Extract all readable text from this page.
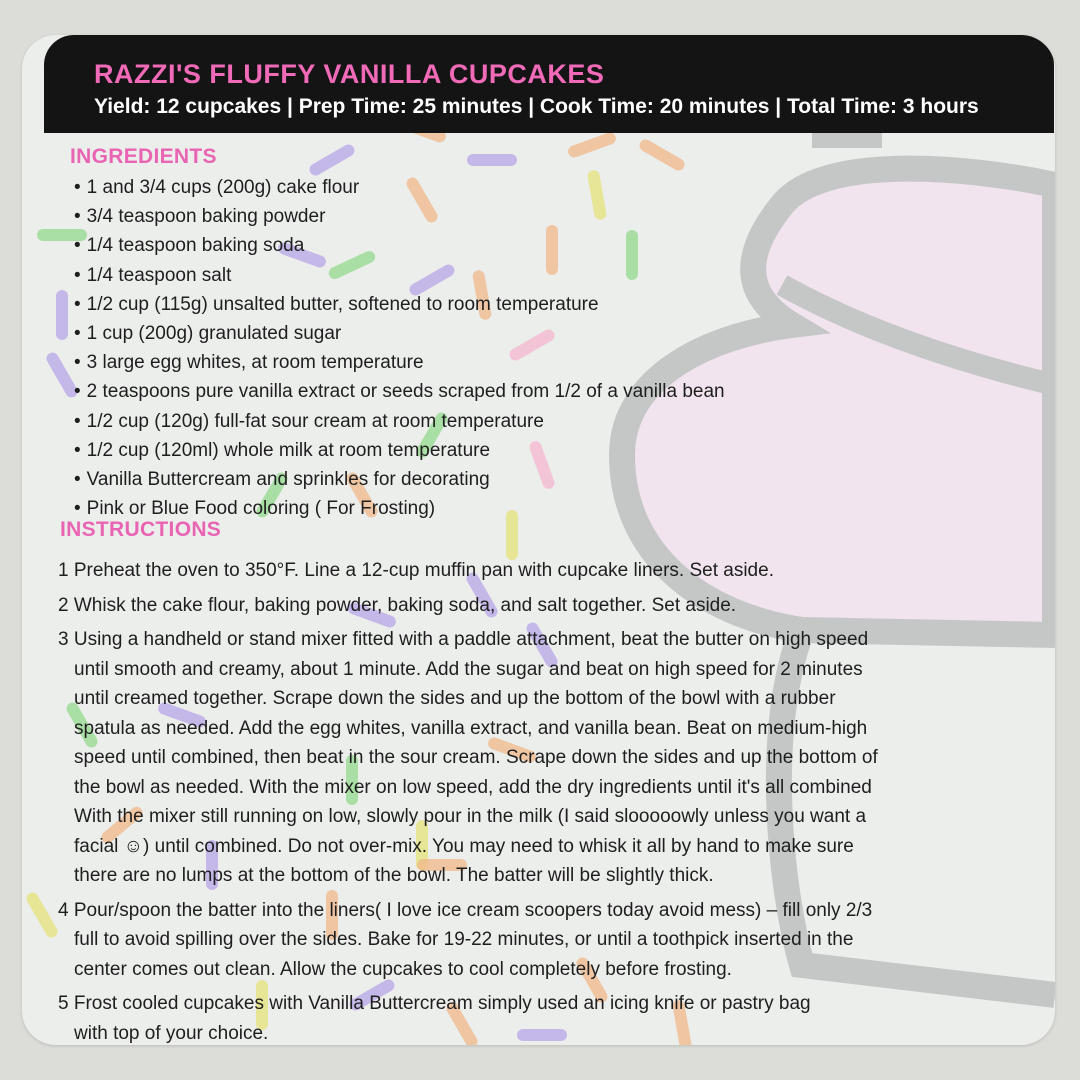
RAZZI'S FLUFFY VANILLA CUPCAKES
Yield: 12 cupcakes | Prep Time: 25 minutes | Cook Time: 20 minutes | Total Time: 3 hours
INGREDIENTS
• 1 and 3/4 cups (200g) cake flour
• 3/4 teaspoon baking powder
• 1/4 teaspoon baking soda
• 1/4 teaspoon salt
• 1/2 cup (115g) unsalted butter, softened to room temperature
• 1 cup (200g) granulated sugar
• 3 large egg whites, at room temperature
• 2 teaspoons pure vanilla extract or seeds scraped from 1/2 of a vanilla bean
• 1/2 cup (120g) full-fat sour cream at room temperature
• 1/2 cup (120ml) whole milk at room temperature
• Vanilla Buttercream and sprinkles for decorating
• Pink or Blue Food coloring ( For Frosting)
INSTRUCTIONS
1 Preheat the oven to 350°F. Line a 12-cup muffin pan with cupcake liners. Set aside.
2 Whisk the cake flour, baking powder, baking soda, and salt together. Set aside.
3 Using a handheld or stand mixer fitted with a paddle attachment, beat the butter on high speed
until smooth and creamy, about 1 minute. Add the sugar and beat on high speed for 2 minutes
until creamed together. Scrape down the sides and up the bottom of the bowl with a rubber
spatula as needed. Add the egg whites, vanilla extract, and vanilla bean. Beat on medium-high
speed until combined, then beat in the sour cream. Scrape down the sides and up the bottom of
the bowl as needed. With the mixer on low speed, add the dry ingredients until it's all combined
With the mixer still running on low, slowly pour in the milk (I said slooooowly unless you want a
facial ☺) until combined. Do not over-mix. You may need to whisk it all by hand to make sure
there are no lumps at the bottom of the bowl. The batter will be slightly thick.
4 Pour/spoon the batter into the liners( I love ice cream scoopers today avoid mess) – fill only 2/3
full to avoid spilling over the sides. Bake for 19-22 minutes, or until a toothpick inserted in the
center comes out clean. Allow the cupcakes to cool completely before frosting.
5 Frost cooled cupcakes with Vanilla Buttercream simply used an icing knife or pastry bag
with top of your choice.
